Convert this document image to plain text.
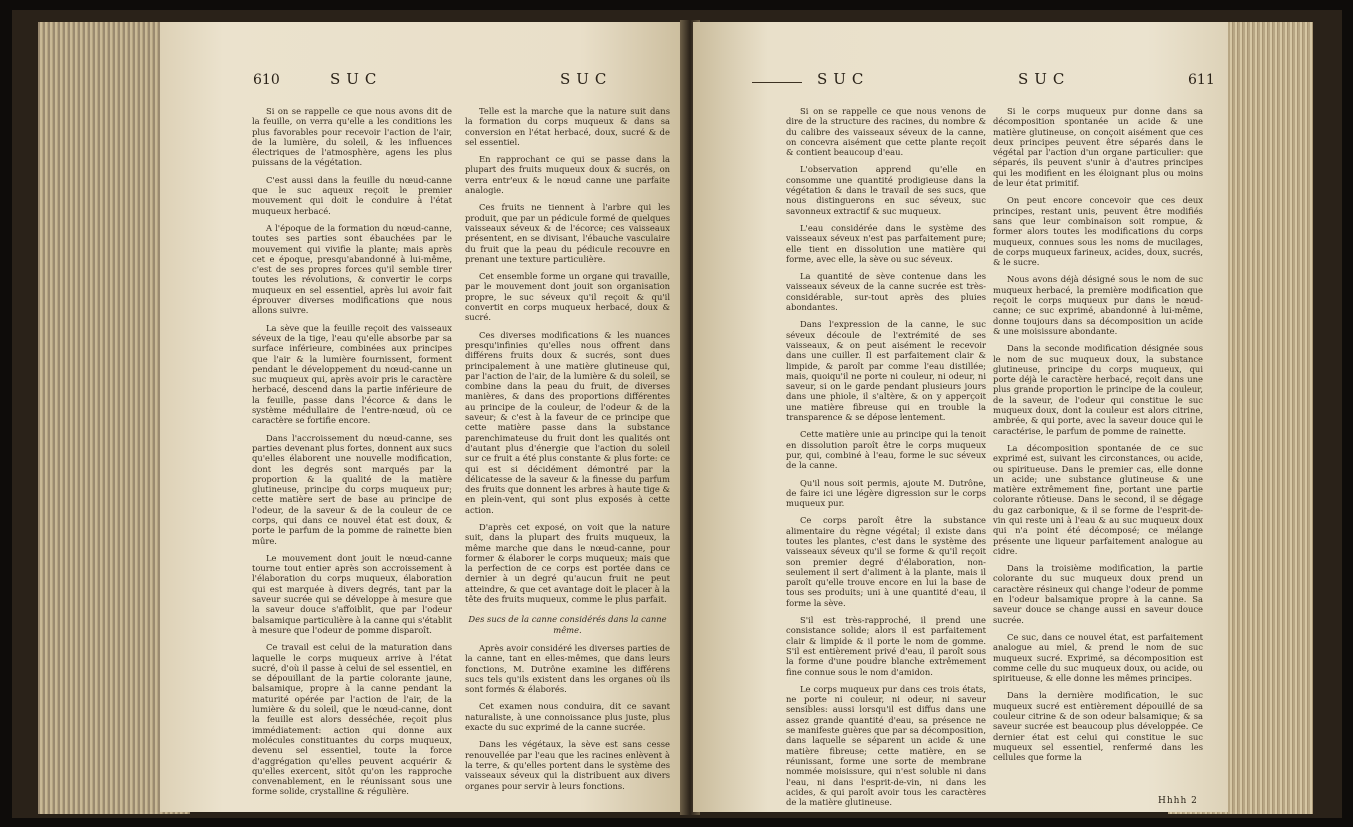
610	SUC	SUC

Si on se rappelle ce que nous avons dit de la feuille, on verra qu'elle a les conditions les plus favorables pour recevoir l'action de l'air, de la lumière, du soleil, & les influences électriques de l'atmosphère, agens les plus puissans de la végétation.

C'est aussi dans la feuille du nœud-canne que le suc aqueux reçoit le premier mouvement qui doit le conduire à l'état muqueux herbacé.

A l'époque de la formation du nœud-canne, toutes ses parties sont ébauchées par le mouvement qui vivifie la plante; mais après cet e époque, presqu'abandonné à lui-même, c'est de ses propres forces qu'il semble tirer toutes les révolutions, & convertir le corps muqueux en sel essentiel, après lui avoir fait éprouver diverses modifications que nous allons suivre.

La sève que la feuille reçoit des vaisseaux séveux de la tige, l'eau qu'elle absorbe par sa surface inférieure, combinées aux principes que l'air & la lumière fournissent, forment pendant le développement du nœud-canne un suc muqueux qui, après avoir pris le caractère herbacé, descend dans la partie inférieure de la feuille, passe dans l'écorce & dans le système médullaire de l'entre-nœud, où ce caractère se fortifie encore.

Dans l'accroissement du nœud-canne, ses parties devenant plus fortes, donnent aux sucs qu'elles élaborent une nouvelle modification, dont les degrés sont marqués par la proportion & la qualité de la matière glutineuse, principe du corps muqueux pur; cette matière sert de base au principe de l'odeur, de la saveur & de la couleur de ce corps, qui dans ce nouvel état est doux, & porte le parfum de la pomme de rainette bien mûre.

Le mouvement dont jouit le nœud-canne tourne tout entier après son accroissement à l'élaboration du corps muqueux, élaboration qui est marquée à divers degrés, tant par la saveur sucrée qui se développe à mesure que la saveur douce s'affoiblit, que par l'odeur balsamique particulière à la canne qui s'établit à mesure que l'odeur de pomme disparoît.

Ce travail est celui de la maturation dans laquelle le corps muqueux arrive à l'état sucré, d'où il passe à celui de sel essentiel, en se dépouillant de la partie colorante jaune, balsamique, propre à la canne pendant la maturité opérée par l'action de l'air, de la lumière & du soleil, que le nœud-canne, dont la feuille est alors desséchée, reçoit plus immédiatement: action qui donne aux molécules constituantes du corps muqueux, devenu sel essentiel, toute la force d'aggrégation qu'elles peuvent acquérir & qu'elles exercent, sitôt qu'on les rapproche convenablement, en le réunissant sous une forme solide, crystalline & régulière.

Telle est la marche que la nature suit dans la formation du corps muqueux & dans sa conversion en l'état herbacé, doux, sucré & de sel essentiel.

En rapprochant ce qui se passe dans la plupart des fruits muqueux doux & sucrés, on verra entr'eux & le nœud canne une parfaite analogie.

Ces fruits ne tiennent à l'arbre qui les produit, que par un pédicule formé de quelques vaisseaux séveux & de l'écorce; ces vaisseaux présentent, en se divisant, l'ébauche vasculaire du fruit que la peau du pédicule recouvre en prenant une texture particulière.

Cet ensemble forme un organe qui travaille, par le mouvement dont jouit son organisation propre, le suc séveux qu'il reçoit & qu'il convertit en corps muqueux herbacé, doux & sucré.

Ces diverses modifications & les nuances presqu'infinies qu'elles nous offrent dans différens fruits doux & sucrés, sont dues principalement à une matière glutineuse qui, par l'action de l'air, de la lumière & du soleil, se combine dans la peau du fruit, de diverses manières, & dans des proportions différentes au principe de la couleur, de l'odeur & de la saveur; & c'est à la faveur de ce principe que cette matière passe dans la substance parenchimateuse du fruit dont les qualités ont d'autant plus d'énergie que l'action du soleil sur ce fruit a été plus constante & plus forte: ce qui est si décidément démontré par la délicatesse de la saveur & la finesse du parfum des fruits que donnent les arbres à haute tige & en plein-vent, qui sont plus exposés à cette action.

D'après cet exposé, on voit que la nature suit, dans la plupart des fruits muqueux, la même marche que dans le nœud-canne, pour former & élaborer le corps muqueux; mais que la perfection de ce corps est portée dans ce dernier à un degré qu'aucun fruit ne peut atteindre, & que cet avantage doit le placer à la tête des fruits muqueux, comme le plus parfait.

Des sucs de la canne considérés dans la canne même.

Après avoir considéré les diverses parties de la canne, tant en elles-mêmes, que dans leurs fonctions, M. Dutrône examine les différens sucs tels qu'ils existent dans les organes où ils sont formés & élaborés.

Cet examen nous conduira, dit ce savant naturaliste, à une connoissance plus juste, plus exacte du suc exprimé de la canne sucrée.

Dans les végétaux, la sève est sans cesse renouvellée par l'eau que les racines enlèvent à la terre, & qu'elles portent dans le système des vaisseaux séveux qui la distribuent aux divers organes pour servir à leurs fonctions.

SUC	SUC	611

Si on se rappelle ce que nous venons de dire de la structure des racines, du nombre & du calibre des vaisseaux séveux de la canne, on concevra aisément que cette plante reçoit & contient beaucoup d'eau.

L'observation apprend qu'elle en consomme une quantité prodigieuse dans la végétation & dans le travail de ses sucs, que nous distinguerons en suc séveux, suc savonneux extractif & suc muqueux.

L'eau considérée dans le système des vaisseaux séveux n'est pas parfaitement pure; elle tient en dissolution une matière qui forme, avec elle, la sève ou suc séveux.

La quantité de sève contenue dans les vaisseaux séveux de la canne sucrée est très-considérable, sur-tout après des pluies abondantes.

Dans l'expression de la canne, le suc séveux découle de l'extrémité de ses vaisseaux, & on peut aisément le recevoir dans une cuiller. Il est parfaitement clair & limpide, & paroît par comme l'eau distillée; mais, quoiqu'il ne porte ni couleur, ni odeur, ni saveur, si on le garde pendant plusieurs jours dans une phiole, il s'altère, & on y apperçoit une matière fibreuse qui en trouble la transparence & se dépose lentement.

Cette matière unie au principe qui la tenoit en dissolution paroît être le corps muqueux pur, qui, combiné à l'eau, forme le suc séveux de la canne.

Qu'il nous soit permis, ajoute M. Dutrône, de faire ici une légère digression sur le corps muqueux pur.

Ce corps paroît être la substance alimentaire du règne végétal; il existe dans toutes les plantes, c'est dans le système des vaisseaux séveux qu'il se forme & qu'il reçoit son premier degré d'élaboration, non-seulement il sert d'aliment à la plante, mais il paroît qu'elle trouve encore en lui la base de tous ses produits; uni à une quantité d'eau, il forme la sève.

S'il est très-rapproché, il prend une consistance solide; alors il est parfaitement clair & limpide & il porte le nom de gomme. S'il est entièrement privé d'eau, il paroît sous la forme d'une poudre blanche extrêmement fine connue sous le nom d'amidon.

Le corps muqueux pur dans ces trois états, ne porte ni couleur, ni odeur, ni saveur sensibles: aussi lorsqu'il est diffus dans une assez grande quantité d'eau, sa présence ne se manifeste guères que par sa décomposition, dans laquelle se séparent un acide & une matière fibreuse; cette matière, en se réunissant, forme une sorte de membrane nommée moisissure, qui n'est soluble ni dans l'eau, ni dans l'esprit-de-vin, ni dans les acides, & qui paroît avoir tous les caractères de la matière glutineuse.

Si le corps muqueux pur donne dans sa décomposition spontanée un acide & une matière glutineuse, on conçoit aisément que ces deux principes peuvent être séparés dans le végétal par l'action d'un organe particulier: que séparés, ils peuvent s'unir à d'autres principes qui les modifient en les éloignant plus ou moins de leur état primitif.

On peut encore concevoir que ces deux principes, restant unis, peuvent être modifiés sans que leur combinaison soit rompue, & former alors toutes les modifications du corps muqueux, connues sous les noms de mucilages, de corps muqueux farineux, acides, doux, sucrés, & le sucre.

Nous avons déjà désigné sous le nom de suc muqueux herbacé, la première modification que reçoit le corps muqueux pur dans le nœud-canne; ce suc exprimé, abandonné à lui-même, donne toujours dans sa décomposition un acide & une moisissure abondante.

Dans la seconde modification désignée sous le nom de suc muqueux doux, la substance glutineuse, principe du corps muqueux, qui porte déjà le caractère herbacé, reçoit dans une plus grande proportion le principe de la couleur, de la saveur, de l'odeur qui constitue le suc muqueux doux, dont la couleur est alors citrine, ambrée, & qui porte, avec la saveur douce qui le caractérise, le parfum de pomme de rainette.

La décomposition spontanée de ce suc exprimé est, suivant les circonstances, ou acide, ou spiritueuse. Dans le premier cas, elle donne un acide; une substance glutineuse & une matière extrêmement fine, portant une partie colorante rôtieuse. Dans le second, il se dégage du gaz carbonique, & il se forme de l'esprit-de-vin qui reste uni à l'eau & au suc muqueux doux qui n'a point été décomposé; ce mélange présente une liqueur parfaitement analogue au cidre.

Dans la troisième modification, la partie colorante du suc muqueux doux prend un caractère résineux qui change l'odeur de pomme en l'odeur balsamique propre à la canne. Sa saveur douce se change aussi en saveur douce sucrée.

Ce suc, dans ce nouvel état, est parfaitement analogue au miel, & prend le nom de suc muqueux sucré. Exprimé, sa décomposition est comme celle du suc muqueux doux, ou acide, ou spiritueuse, & elle donne les mêmes principes.

Dans la dernière modification, le suc muqueux sucré est entièrement dépouillé de sa couleur citrine & de son odeur balsamique; & sa saveur sucrée est beaucoup plus développée. Ce dernier état est celui qui constitue le suc muqueux sel essentiel, renfermé dans les cellules que forme la

Hhhh 2
